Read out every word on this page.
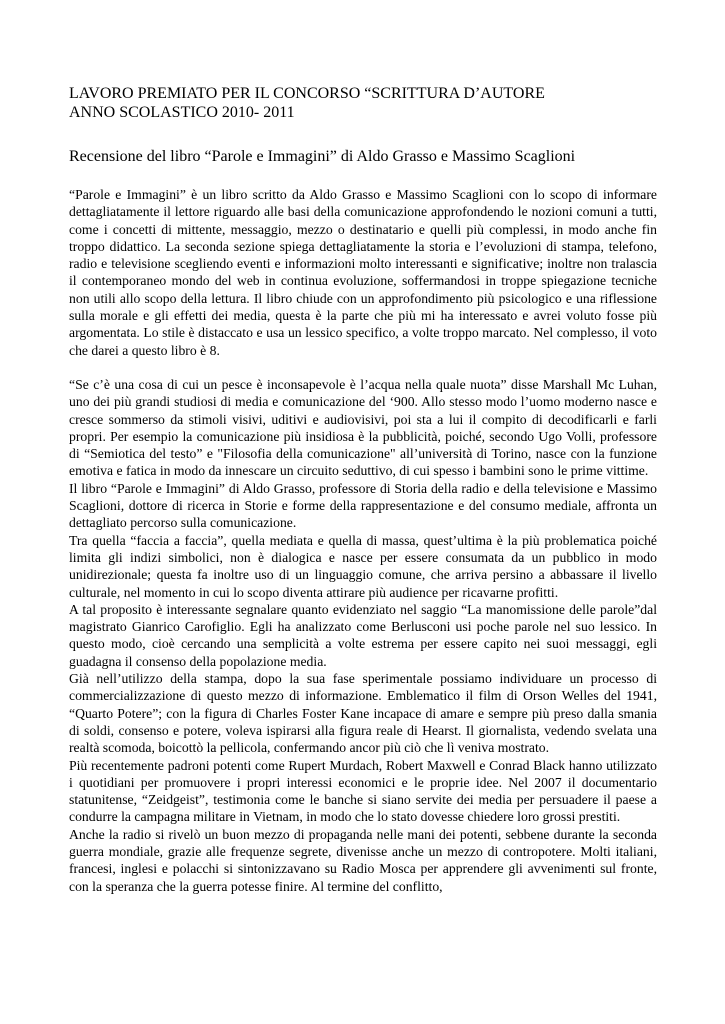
LAVORO PREMIATO PER IL CONCORSO “SCRITTURA D’AUTORE

ANNO SCOLASTICO 2010- 2011

Recensione del libro “Parole e Immagini” di Aldo Grasso e Massimo Scaglioni

“Parole e Immagini” è un libro scritto da Aldo Grasso e Massimo Scaglioni con lo scopo di informare dettagliatamente il lettore riguardo alle basi della comunicazione approfondendo le nozioni comuni a tutti, come i concetti di mittente, messaggio, mezzo o destinatario e quelli più complessi, in modo anche fin troppo didattico. La seconda sezione spiega dettagliatamente la storia e l’evoluzioni di stampa, telefono, radio e televisione scegliendo eventi e informazioni molto interessanti e significative; inoltre non tralascia il contemporaneo mondo del web in continua evoluzione, soffermandosi in troppe spiegazione tecniche non utili allo scopo della lettura. Il libro chiude con un approfondimento più psicologico e una riflessione sulla morale e gli effetti dei media, questa è la parte che più mi ha interessato e avrei voluto fosse più argomentata. Lo stile è distaccato e usa un lessico specifico, a volte troppo marcato. Nel complesso, il voto che darei a questo libro è 8.

“Se c’è una cosa di cui un pesce è inconsapevole è l’acqua nella quale nuota” disse Marshall Mc Luhan, uno dei più grandi studiosi di media e comunicazione del ‘900. Allo stesso modo l’uomo moderno nasce e cresce sommerso da stimoli visivi, uditivi e audiovisivi, poi sta a lui il compito di decodificarli e farli propri. Per esempio la comunicazione più insidiosa è la pubblicità, poiché, secondo Ugo Volli, professore di “Semiotica del testo” e "Filosofia della comunicazione" all’università di Torino, nasce con la funzione emotiva e fatica in modo da innescare un circuito seduttivo, di cui spesso i bambini sono le prime vittime.

Il libro “Parole e Immagini” di Aldo Grasso, professore di Storia della radio e della televisione e Massimo Scaglioni, dottore di ricerca in Storie e forme della rappresentazione e del consumo mediale, affronta un dettagliato percorso sulla comunicazione.

Tra quella “faccia a faccia”, quella mediata e quella di massa, quest’ultima è la più problematica poiché limita gli indizi simbolici, non è dialogica e nasce per essere consumata da un pubblico in modo unidirezionale; questa fa inoltre uso di un linguaggio comune, che arriva persino a abbassare il livello culturale, nel momento in cui lo scopo diventa attirare più audience per ricavarne profitti.

A tal proposito è interessante segnalare quanto evidenziato nel saggio “La manomissione delle parole”dal magistrato Gianrico Carofiglio. Egli ha analizzato come Berlusconi usi poche parole nel suo lessico. In questo modo, cioè cercando una semplicità a volte estrema per essere capito nei suoi messaggi, egli guadagna il consenso della popolazione media.

Già nell’utilizzo della stampa, dopo la sua fase sperimentale possiamo individuare un processo di commercializzazione di questo mezzo di informazione. Emblematico il film di Orson Welles del 1941, “Quarto Potere”; con la figura di Charles Foster Kane incapace di amare e sempre più preso dalla smania di soldi, consenso e potere, voleva ispirarsi alla figura reale di Hearst. Il giornalista, vedendo svelata una realtà scomoda, boicottò la pellicola, confermando ancor più ciò che lì veniva mostrato.

Più recentemente padroni potenti come Rupert Murdach, Robert Maxwell e Conrad Black hanno utilizzato i quotidiani per promuovere i propri interessi economici e le proprie idee. Nel 2007 il documentario statunitense, “Zeidgeist”, testimonia come le banche si siano servite dei media per persuadere il paese a condurre la campagna militare in Vietnam, in modo che lo stato dovesse chiedere loro grossi prestiti.

Anche la radio si rivelò un buon mezzo di propaganda nelle mani dei potenti, sebbene durante la seconda guerra mondiale, grazie alle frequenze segrete, divenisse anche un mezzo di contropotere. Molti italiani, francesi, inglesi e polacchi si sintonizzavano su Radio Mosca per apprendere gli avvenimenti sul fronte, con la speranza che la guerra potesse finire. Al termine del conflitto,
